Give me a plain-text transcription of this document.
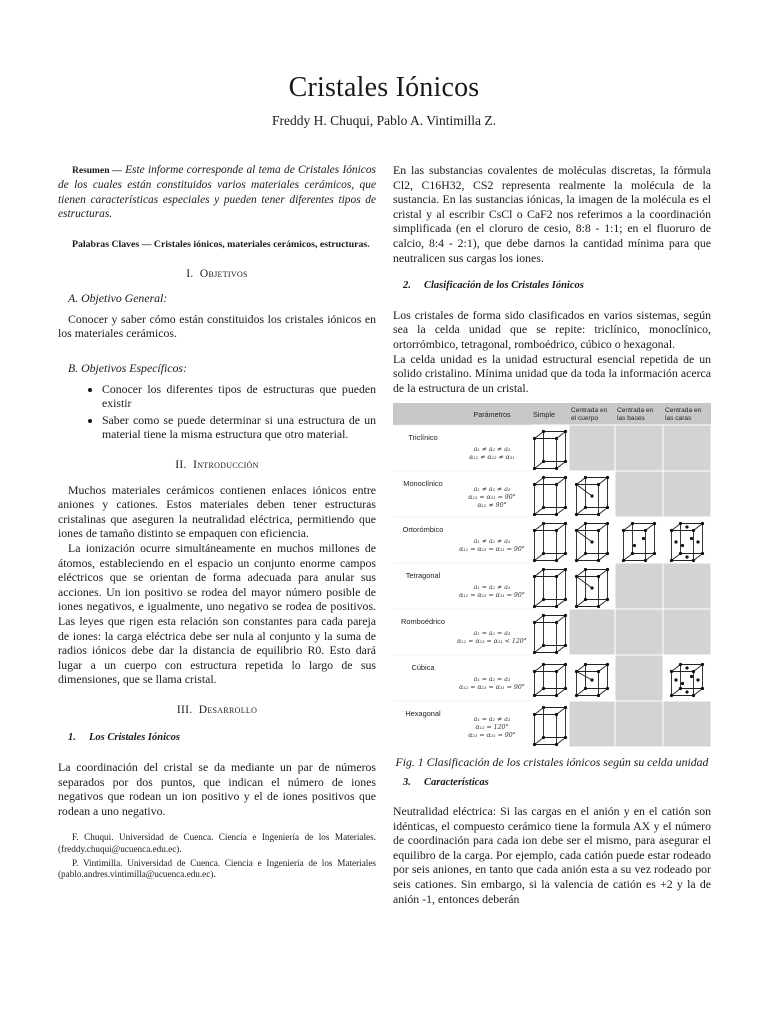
Cristales Iónicos
Freddy H. Chuqui, Pablo A. Vintimilla Z.

Resumen — Este informe corresponde al tema de Cristales Iónicos de los cuales están constituidos varios materiales cerámicos, que tienen características especiales y pueden tener diferentes tipos de estructuras.

Palabras Claves — Cristales iónicos, materiales cerámicos, estructuras.

I. Objetivos
A. Objetivo General:

Conocer y saber cómo están constituidos los cristales iónicos en los materiales cerámicos.

B. Objetivos Específicos:
• Conocer los diferentes tipos de estructuras que pueden existir
• Saber como se puede determinar si una estructura de un material tiene la misma estructura que otro material.
II. Introducción

Muchos materiales cerámicos contienen enlaces iónicos entre aniones y cationes. Estos materiales deben tener estructuras cristalinas que aseguren la neutralidad eléctrica, permitiendo que iones de tamaño distinto se empaquen con eficiencia.

La ionización ocurre simultáneamente en muchos millones de átomos, estableciendo en el espacio un conjunto enorme campos eléctricos que se orientan de forma adecuada para anular sus acciones. Un ion positivo se rodea del mayor número posible de iones negativos, e igualmente, uno negativo se rodea de positivos. Las leyes que rigen esta relación son constantes para cada pareja de iones: la carga eléctrica debe ser nula al conjunto y la suma de radios iónicos debe dar la distancia de equilibrio R0. Esto dará lugar a un cuerpo con estructura repetida lo largo de sus dimensiones, que se llama cristal.

III. Desarrollo
1. Los Cristales Iónicos

La coordinación del cristal se da mediante un par de números separados por dos puntos, que indican el número de iones negativos que rodean un ion positivo y el de iones positivos que rodean a uno negativo.

F. Chuqui. Universidad de Cuenca. Ciencia e Ingeniería de los Materiales. (freddy.chuqui@ucuenca.edu.ec).

P. Vintimilla. Universidad de Cuenca. Ciencia e Ingeniería de los Materiales (pablo.andres.vintimilla@ucuenca.edu.ec).

En las substancias covalentes de moléculas discretas, la fórmula Cl2, C16H32, CS2 representa realmente la molécula de la sustancia. En las sustancias iónicas, la imagen de la molécula es el cristal y al escribir CsCl o CaF2 nos referimos a la coordinación simplificada (en el cloruro de cesio, 8:8 - 1:1; en el fluoruro de calcio, 8:4 - 2:1), que debe darnos la cantidad mínima para que neutralicen sus cargas los iones.

2. Clasificación de los Cristales Iónicos

Los cristales de forma sido clasificados en varios sistemas, según sea la celda unidad que se repite: triclínico, monoclínico, ortorrómbico, tetragonal, romboédrico, cúbico o hexagonal.

La celda unidad es la unidad estructural esencial repetida de un solido cristalino. Mínima unidad que da toda la información acerca de la estructura de un cristal.

Parámetros	Simple Centrada en el cuerpo
Centrada en las bases
Centrada en las caras
Triclínico
a₁ ≠ a₂ ≠ a₃
α₁₂ ≠ α₂₃ ≠ α₃₁
Monoclínico
a₁ ≠ a₂ ≠ a₃
α₂₃ = α₃₁ = 90°
α₁₂ ≠ 90°
Ortorómbico
a₁ ≠ a₂ ≠ a₃
α₁₂ = α₂₃ = α₃₁ = 90°
Tetragonal
a₁ = a₂ ≠ a₃
α₁₂ = α₂₃ = α₃₁ = 90°
Romboédrico
a₁ = a₂ = a₃
α₁₂ = α₂₃ = α₃₁ < 120°
Cúbica
a₁ = a₂ = a₃
α₁₂ = α₂₃ = α₃₁ = 90°
Hexagonal
a₁ = a₂ ≠ a₃
α₁₂ = 120°
α₂₃ = α₃₁ = 90°

Fig. 1 Clasificación de los cristales iónicos según su celda unidad

3. Características

Neutralidad eléctrica: Si las cargas en el anión y en el catión son idénticas, el compuesto cerámico tiene la formula AX y el número de coordinación para cada ion debe ser el mismo, para asegurar el equilibro de la carga. Por ejemplo, cada catión puede estar rodeado por seis aniones, en tanto que cada anión esta a su vez rodeado por seis cationes. Sin embargo, si la valencia de catión es +2 y la de anión -1, entonces deberán
